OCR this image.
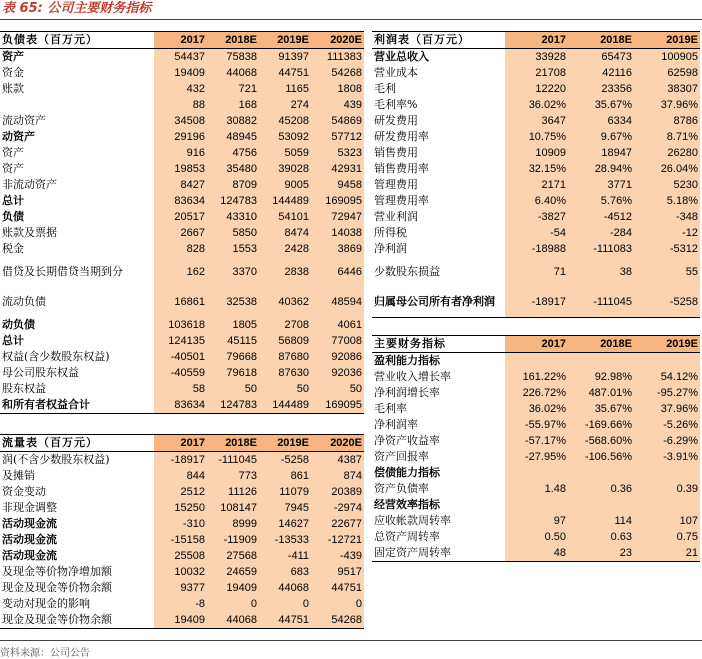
表 65: 公司主要财务指标
负债表（百万元）	2017	2018E	2019E	2020E
资产	54437	75838	91397	111383
资金	19409	44068	44751	54268
账款	432	721	1165	1808
	88	168	274	439
流动资产	34508	30882	45208	54869
动资产	29196	48945	53092	57712
资产	916	4756	5059	5323
资产	19853	35480	39028	42931
非流动资产	8427	8709	9005	9458
总计	83634	124783	144489	169095
负债	20517	43310	54101	72947
账款及票据	2667	5850	8474	14038
税金	828	1553	2428	3869
借贷及长期借贷当期到分	162	3370	2838	6446
流动负债	16861	32538	40362	48594
动负债	103618	1805	2708	4061
总计	124135	45115	56809	77008
权益(含少数股东权益)	-40501	79668	87680	92086
母公司股东权益	-40559	79618	87630	92036
股东权益	58	50	50	50
和所有者权益合计	83634	124783	144489	169095
流量表（百万元）	2017	2018E	2019E	2020E
润(不含少数股东权益)	-18917	-111045	-5258	4387
及摊销	844	773	861	874
资金变动	2512	11126	11079	20389
非现金调整	15250	108147	7945	-2974
活动现金流	-310	8999	14627	22677
活动现金流	-15158	-11909	-13533	-12721
活动现金流	25508	27568	-411	-439
及现金等价物净增加额	10032	24659	683	9517
现金及现金等价物余额	9377	19409	44068	44751
变动对现金的影响	-8	0	0	0
现金及现金等价物余额	19409	44068	44751	54268
利润表（百万元）	2017	2018E	2019E
营业总收入	33928	65473	100905
营业成本	21708	42116	62598
毛利	12220	23356	38307
毛利率%	36.02%	35.67%	37.96%
研发费用	3647	6334	8786
研发费用率	10.75%	9.67%	8.71%
销售费用	10909	18947	26280
销售费用率	32.15%	28.94%	26.04%
管理费用	2171	3771	5230
管理费用率	6.40%	5.76%	5.18%
营业利润	-3827	-4512	-348
所得税	-54	-284	-12
净利润	-18988	-111083	-5312
少数股东损益	71	38	55
归属母公司所有者净利润	-18917	-111045	-5258
主要财务指标	2017	2018E	2019E
盈利能力指标			
营业收入增长率	161.22%	92.98%	54.12%
净利润增长率	226.72%	487.01%	-95.27%
毛利率	36.02%	35.67%	37.96%
净利润率	-55.97%	-169.66%	-5.26%
净资产收益率	-57.17%	-568.60%	-6.29%
资产回报率	-27.95%	-106.56%	-3.91%
偿债能力指标			
资产负债率	1.48	0.36	0.39
经营效率指标			
应收帐款周转率	97	114	107
总资产周转率	0.50	0.63	0.75
固定资产周转率	48	23	21
资料来源：公司公告
